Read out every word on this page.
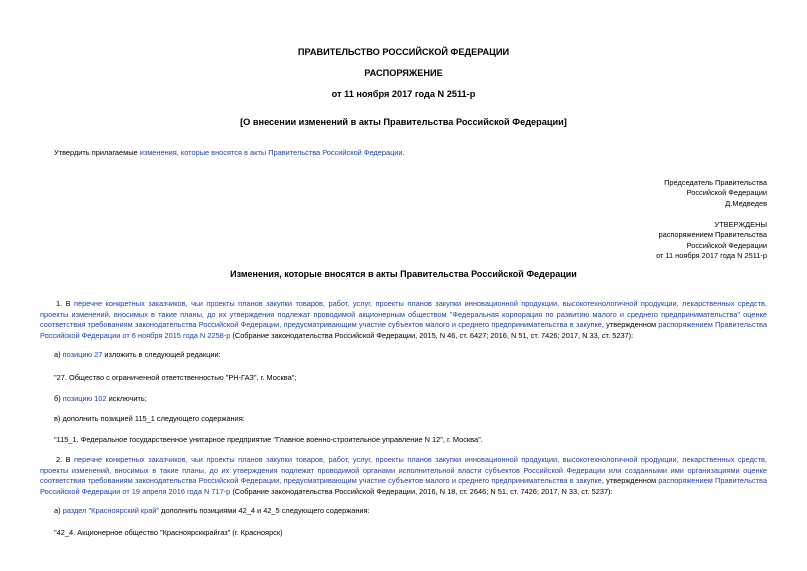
ПРАВИТЕЛЬСТВО РОССИЙСКОЙ ФЕДЕРАЦИИ
РАСПОРЯЖЕНИЕ
от 11 ноября 2017 года N 2511-р
[О внесении изменений в акты Правительства Российской Федерации]
Утвердить прилагаемые изменения, которые вносятся в акты Правительства Российской Федерации.
Председатель Правительства
Российской Федерации
Д.Медведев
УТВЕРЖДЕНЫ
распоряжением Правительства
Российской Федерации
от 11 ноября 2017 года N 2511-р
Изменения, которые вносятся в акты Правительства Российской Федерации
1. В перечне конкретных заказчиков, чьи проекты планов закупки товаров, работ, услуг, проекты планов закупки инновационной продукции, высокотехнологичной продукции, лекарственных средств, проекты изменений, вносимых в такие планы, до их утверждения подлежат проводимой акционерным обществом "Федеральная корпорация по развитию малого и среднего предпринимательства" оценке соответствия требованиям законодательства Российской Федерации, предусматривающим участие субъектов малого и среднего предпринимательства в закупке, утвержденном распоряжением Правительства Российской Федерации от 6 ноября 2015 года N 2258-р (Собрание законодательства Российской Федерации, 2015, N 46, ст. 6427; 2016, N 51, ст. 7426; 2017, N 33, ст. 5237):
а) позицию 27 изложить в следующей редакции:
"27. Общество с ограниченной ответственностью "РН-ГАЗ", г. Москва";
б) позицию 102 исключить;
в) дополнить позицией 115_1 следующего содержания:
"115_1. Федеральное государственное унитарное предприятие "Главное военно-строительное управление N 12", г. Москва".
2. В перечне конкретных заказчиков, чьи проекты планов закупки товаров, работ, услуг, проекты планов закупки инновационной продукции, высокотехнологичной продукции, лекарственных средств, проекты изменений, вносимых в такие планы, до их утверждения подлежат проводимой органами исполнительной власти субъектов Российской Федерации или созданными ими организациями оценке соответствия требованиям законодательства Российской Федерации, предусматривающим участие субъектов малого и среднего предпринимательства в закупке, утвержденном распоряжением Правительства Российской Федерации от 19 апреля 2016 года N 717-р (Собрание законодательства Российской Федерации, 2016, N 18, ст. 2646; N 51, ст. 7426; 2017, N 33, ст. 5237):
а) раздел "Красноярский край" дополнить позициями 42_4 и 42_5 следующего содержания:
"42_4. Акционерное общество "Красноярсккрайгаз" (г. Красноярск)
